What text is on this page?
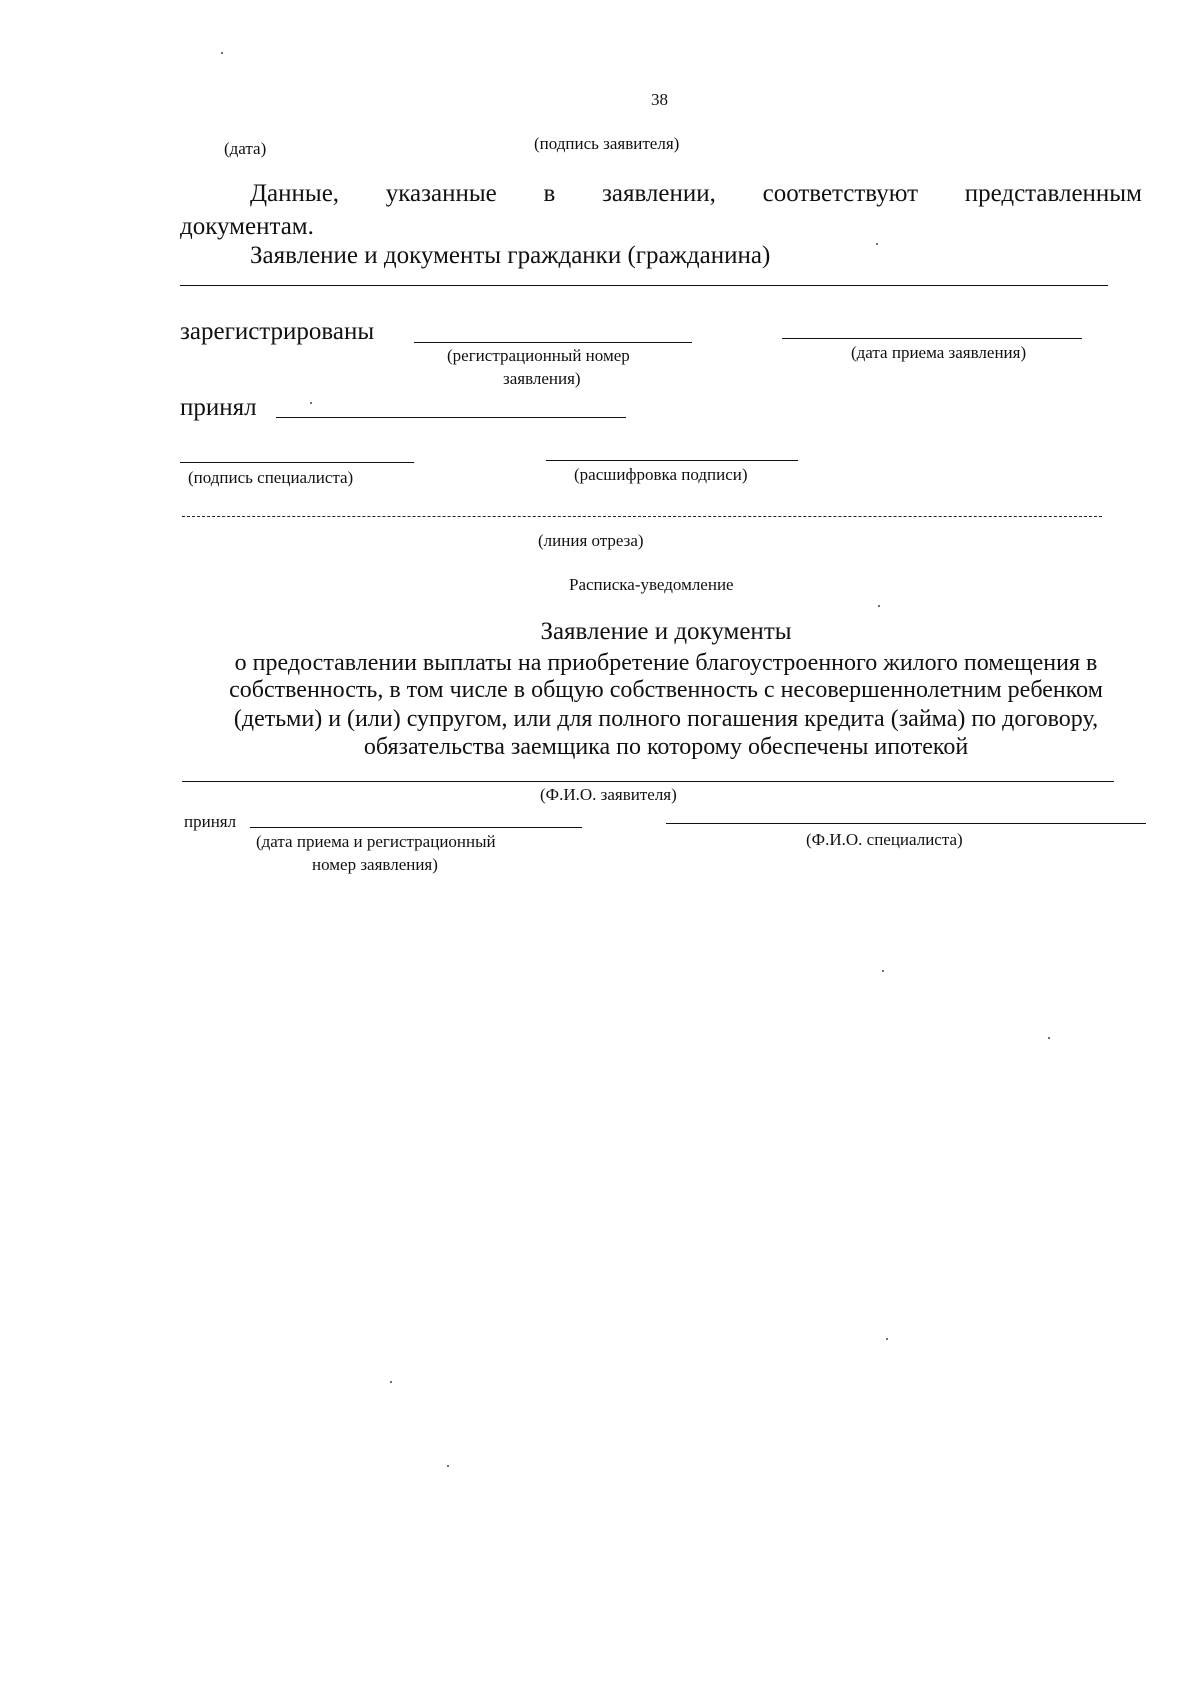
38
(дата)	(подпись заявителя)
Данные, указанные в заявлении, соответствуют представленным
документам.
Заявление и документы гражданки (гражданина)
зарегистрированы
(регистрационный номер
заявления)
(дата приема заявления)
принял
(подпись специалиста)	(расшифровка подписи)
(линия отреза)
Расписка-уведомление
Заявление и документы
о предоставлении выплаты на приобретение благоустроенного жилого помещения в
собственность, в том числе в общую собственность с несовершеннолетним ребенком
(детьми) и (или) супругом, или для полного погашения кредита (займа) по договору,
обязательства заемщика по которому обеспечены ипотекой
(Ф.И.О. заявителя)
принял
(дата приема и регистрационный
номер заявления)
(Ф.И.О. специалиста)
